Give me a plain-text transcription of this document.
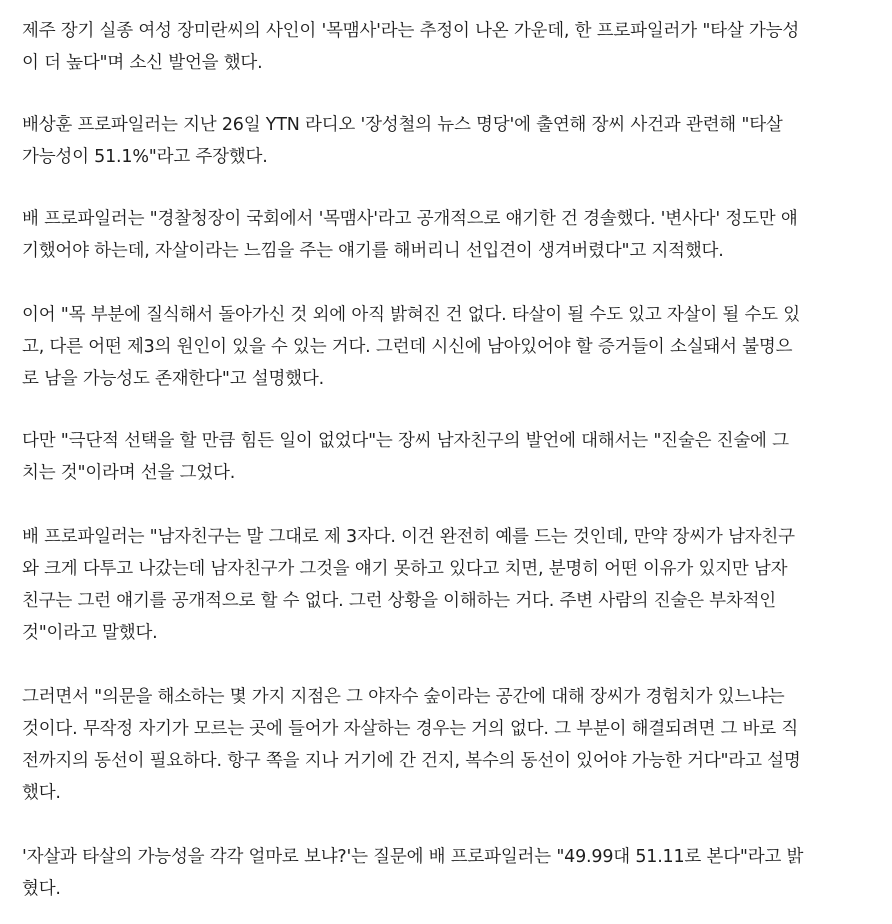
제주 장기 실종 여성 장미란씨의 사인이 '목맴사'라는 추정이 나온 가운데, 한 프로파일러가 "타살 가능성
이 더 높다"며 소신 발언을 했다.
배상훈 프로파일러는 지난 26일 YTN 라디오 '장성철의 뉴스 명당'에 출연해 장씨 사건과 관련해 "타살
가능성이 51.1%"라고 주장했다.
배 프로파일러는 "경찰청장이 국회에서 '목맴사'라고 공개적으로 얘기한 건 경솔했다. '변사다' 정도만 얘
기했어야 하는데, 자살이라는 느낌을 주는 얘기를 해버리니 선입견이 생겨버렸다"고 지적했다.
이어 "목 부분에 질식해서 돌아가신 것 외에 아직 밝혀진 건 없다. 타살이 될 수도 있고 자살이 될 수도 있
고, 다른 어떤 제3의 원인이 있을 수 있는 거다. 그런데 시신에 남아있어야 할 증거들이 소실돼서 불명으
로 남을 가능성도 존재한다"고 설명했다.
다만 "극단적 선택을 할 만큼 힘든 일이 없었다"는 장씨 남자친구의 발언에 대해서는 "진술은 진술에 그
치는 것"이라며 선을 그었다.
배 프로파일러는 "남자친구는 말 그대로 제 3자다. 이건 완전히 예를 드는 것인데, 만약 장씨가 남자친구
와 크게 다투고 나갔는데 남자친구가 그것을 얘기 못하고 있다고 치면, 분명히 어떤 이유가 있지만 남자
친구는 그런 얘기를 공개적으로 할 수 없다. 그런 상황을 이해하는 거다. 주변 사람의 진술은 부차적인
것"이라고 말했다.
그러면서 "의문을 해소하는 몇 가지 지점은 그 야자수 숲이라는 공간에 대해 장씨가 경험치가 있느냐는
것이다. 무작정 자기가 모르는 곳에 들어가 자살하는 경우는 거의 없다. 그 부분이 해결되려면 그 바로 직
전까지의 동선이 필요하다. 항구 쪽을 지나 거기에 간 건지, 복수의 동선이 있어야 가능한 거다"라고 설명
했다.
'자살과 타살의 가능성을 각각 얼마로 보냐?'는 질문에 배 프로파일러는 "49.99대 51.11로 본다"라고 밝
혔다.
